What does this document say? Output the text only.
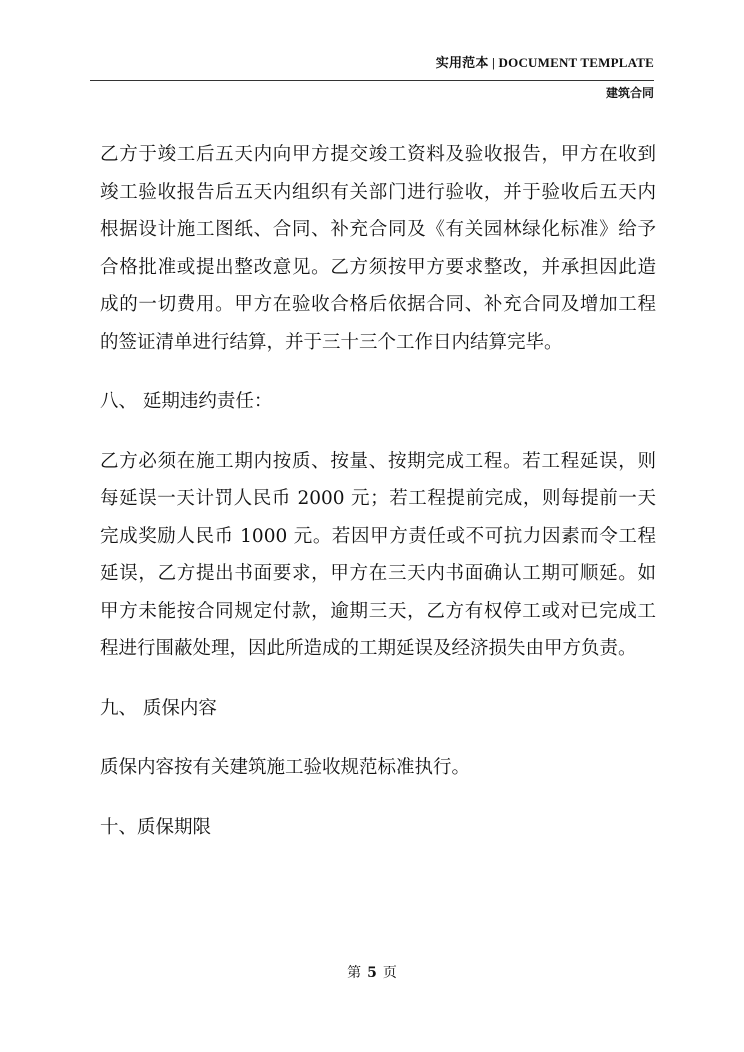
实用范本 | DOCUMENT TEMPLATE
建筑合同
乙方于竣工后五天内向甲方提交竣工资料及验收报告，甲方在收到
竣工验收报告后五天内组织有关部门进行验收，并于验收后五天内
根据设计施工图纸、合同、补充合同及《有关园林绿化标准》给予
合格批准或提出整改意见。乙方须按甲方要求整改，并承担因此造
成的一切费用。甲方在验收合格后依据合同、补充合同及增加工程
的签证清单进行结算，并于三十三个工作日内结算完毕。
八、 延期违约责任：
乙方必须在施工期内按质、按量、按期完成工程。若工程延误，则
每延误一天计罚人民币 2000 元；若工程提前完成，则每提前一天
完成奖励人民币 1000 元。若因甲方责任或不可抗力因素而令工程
延误，乙方提出书面要求，甲方在三天内书面确认工期可顺延。如
甲方未能按合同规定付款，逾期三天，乙方有权停工或对已完成工
程进行围蔽处理，因此所造成的工期延误及经济损失由甲方负责。
九、 质保内容
质保内容按有关建筑施工验收规范标准执行。
十、质保期限
第 5 页
